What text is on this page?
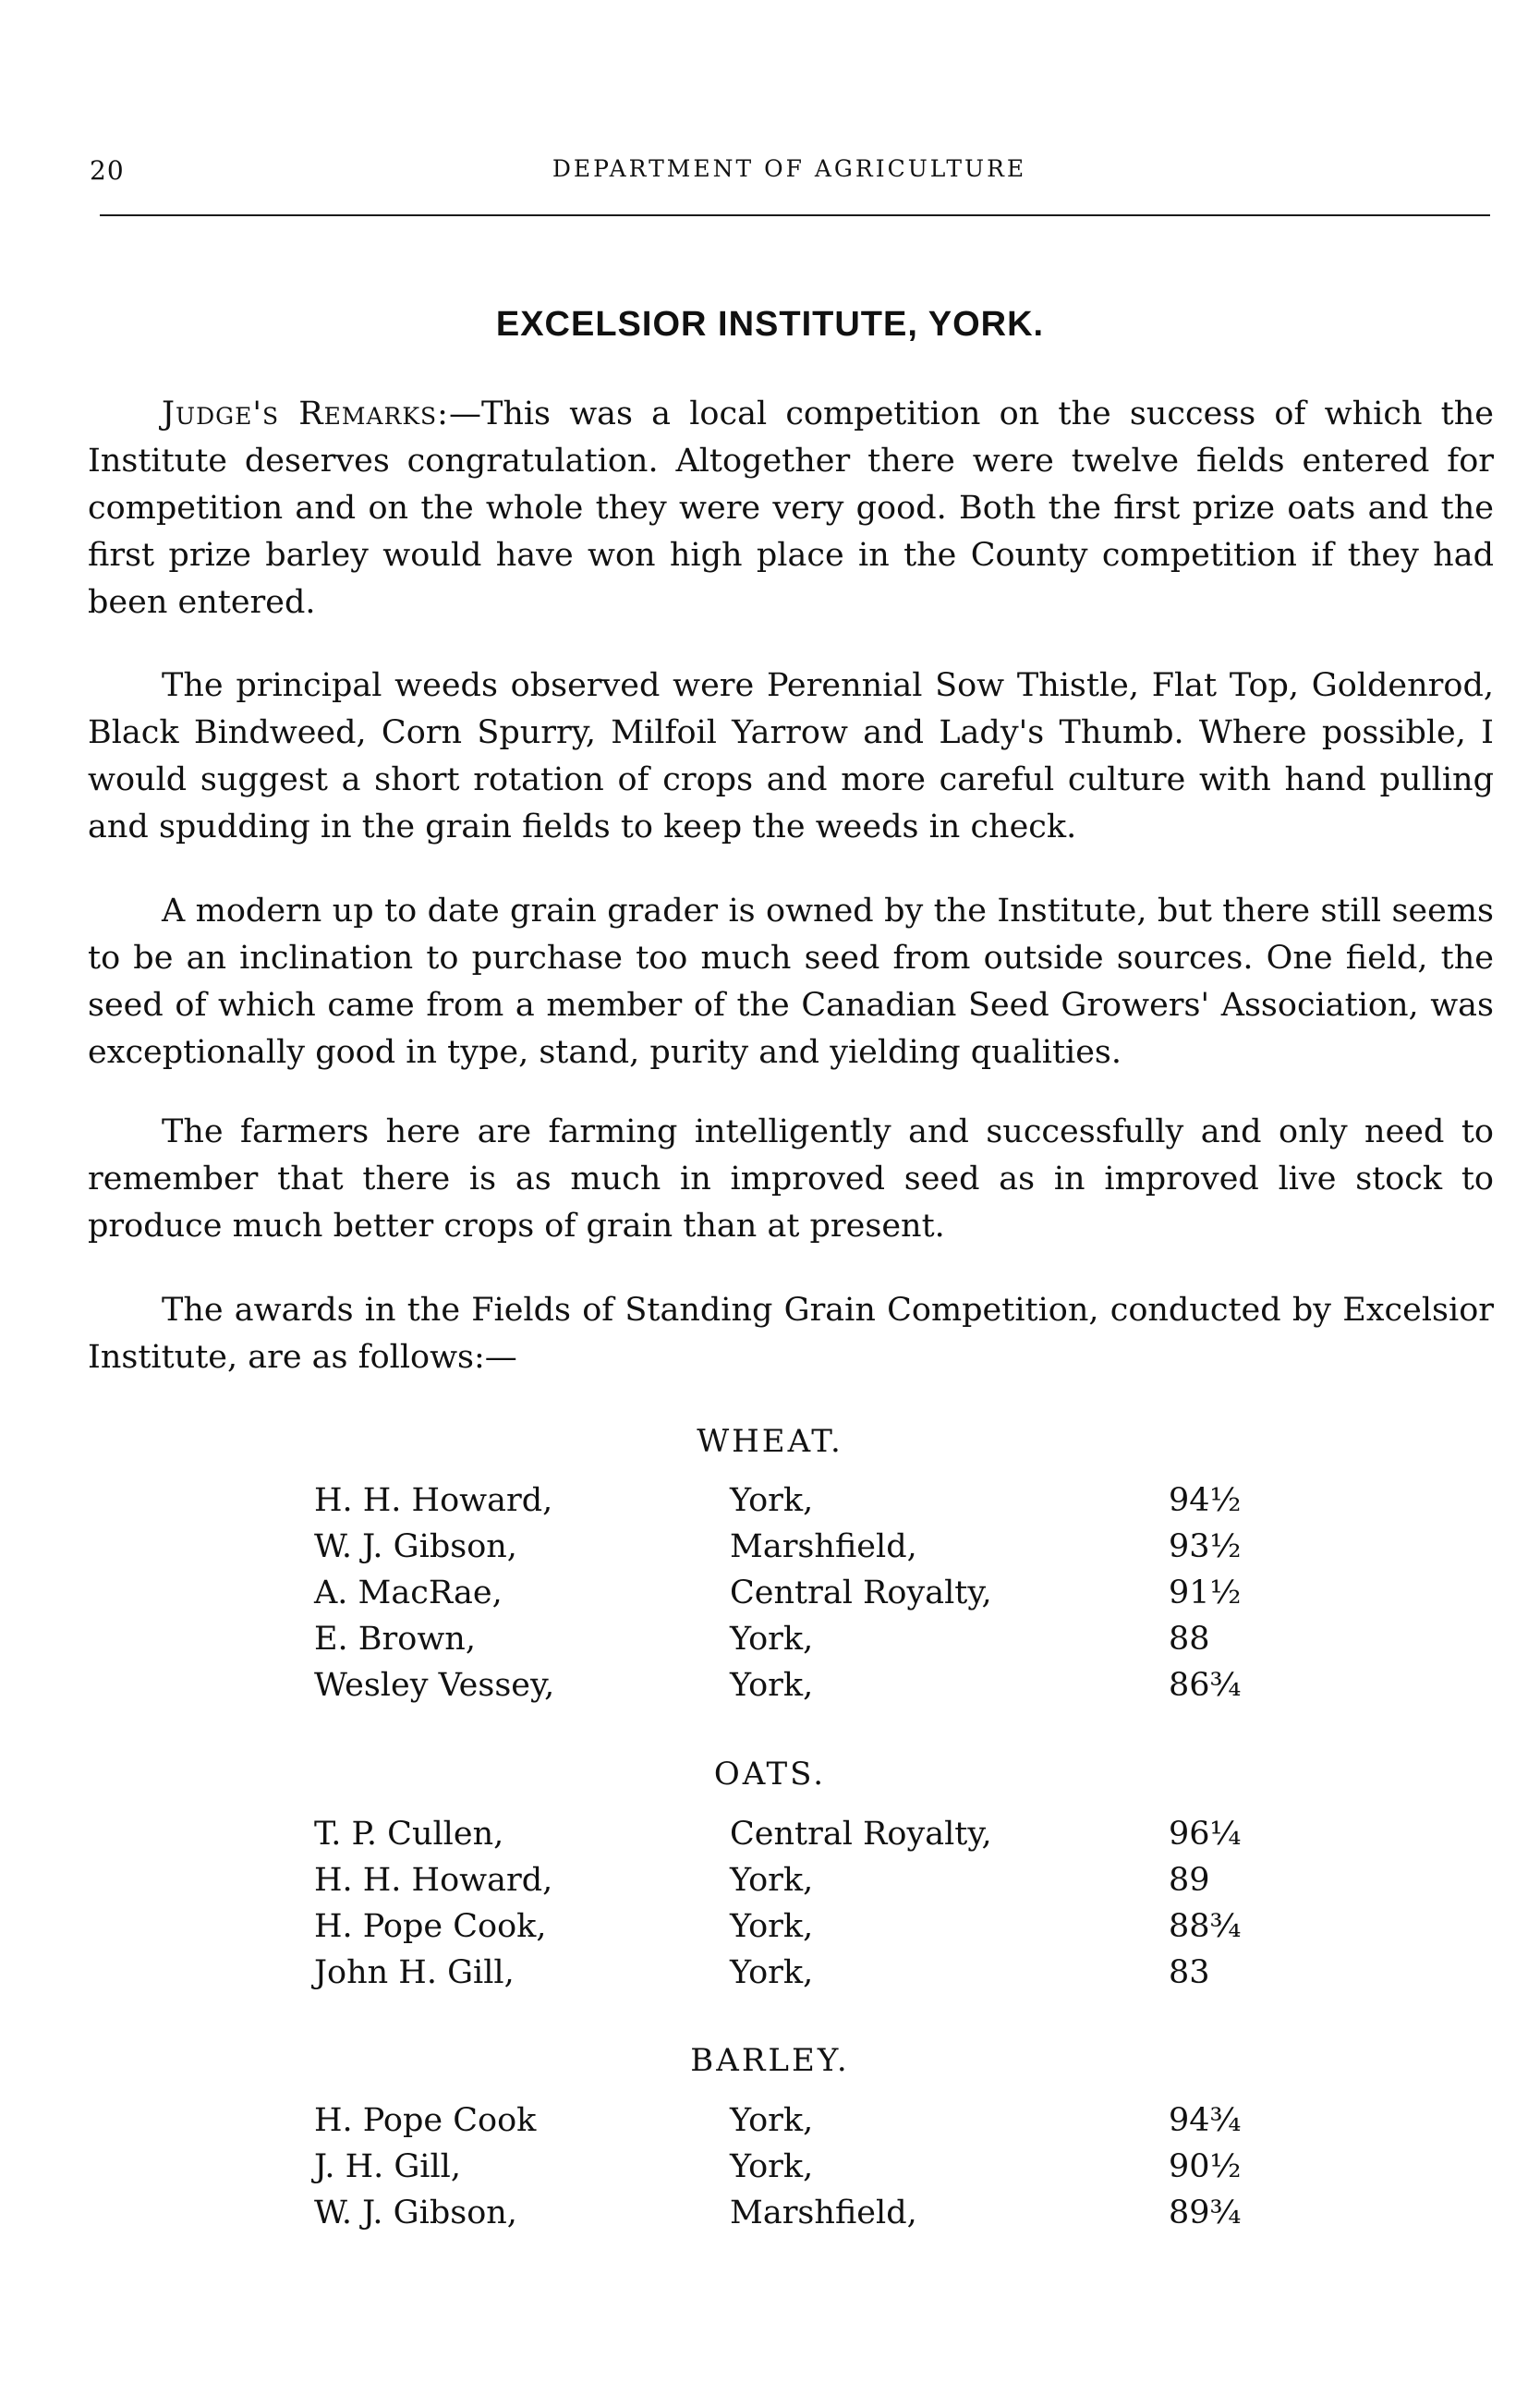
20	DEPARTMENT OF AGRICULTURE
EXCELSIOR INSTITUTE, YORK.

Judge's Remarks:—This was a local competition on the success of which the Institute deserves congratulation. Altogether there were twelve fields entered for competition and on the whole they were very good. Both the first prize oats and the first prize barley would have won high place in the County competition if they had been entered.

The principal weeds observed were Perennial Sow Thistle, Flat Top, Goldenrod, Black Bindweed, Corn Spurry, Milfoil Yarrow and Lady's Thumb. Where possible, I would suggest a short rotation of crops and more careful culture with hand pulling and spudding in the grain fields to keep the weeds in check.

A modern up to date grain grader is owned by the Institute, but there still seems to be an inclination to purchase too much seed from outside sources. One field, the seed of which came from a member of the Canadian Seed Growers' Association, was exceptionally good in type, stand, purity and yielding qualities.

The farmers here are farming intelligently and successfully and only need to remember that there is as much in improved seed as in improved live stock to produce much better crops of grain than at present.

The awards in the Fields of Standing Grain Competition, conducted by Excelsior Institute, are as follows:—

WHEAT.
H. H. Howard,	York,	94½
W. J. Gibson,	Marshfield,	93½
A. MacRae,	Central Royalty,	91½
E. Brown,	York,	88
Wesley Vessey,	York,	86¾
OATS.
T. P. Cullen,	Central Royalty,	96¼
H. H. Howard,	York,	89
H. Pope Cook,	York,	88¾
John H. Gill,	York,	83
BARLEY.
H. Pope Cook	York,	94¾
J. H. Gill,	York,	90½
W. J. Gibson,	Marshfield,	89¾
